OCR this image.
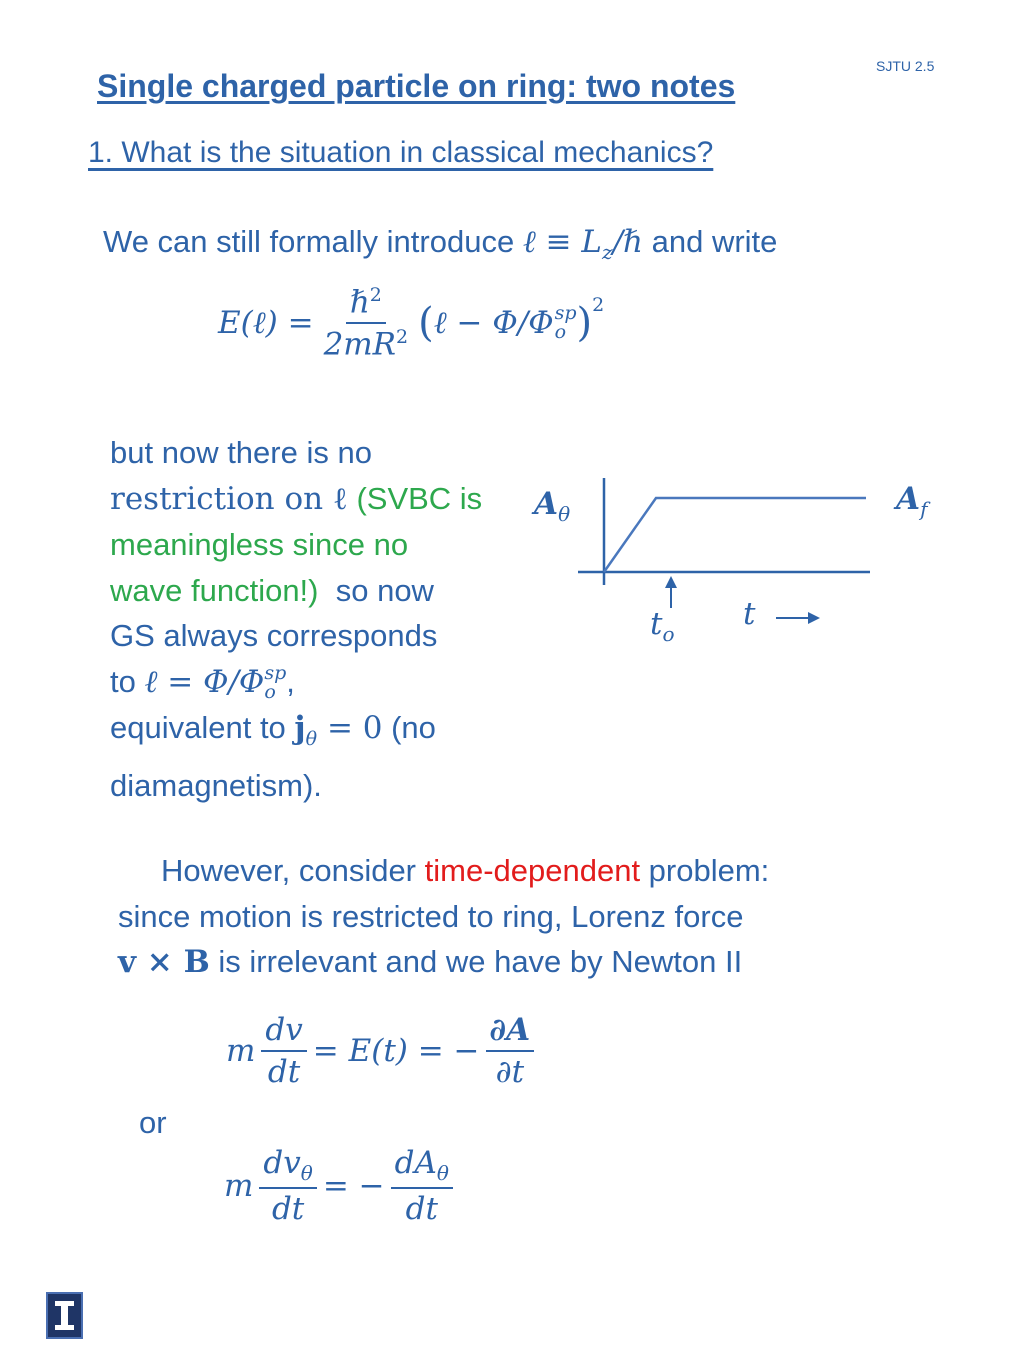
SJTU 2.5
Single charged particle on ring: two notes
1. What is the situation in classical mechanics?
We can still formally introduce ℓ ≡ $L_z/\hbar$ and write
E(ℓ) = $\frac{\hbar^2}{2mR^2}$ ( ℓ − Φ/Φ sp
o )$^2$
but now there is no
restriction on ℓ (SVBC is
meaningless since no
wave function!)  so now
GS always corresponds
to ℓ = Φ/Φ sp
o ,
equivalent to $j_\theta = 0$ (no
diamagnetism).
$A_\theta$	$A_f$
$t_o$
t
However, consider time-dependent problem:
since motion is restricted to ring, Lorenz force
v × B is irrelevant and we have by Newton II
m $\frac{dv}{dt} = E(t)$ = − $\frac{\partial A}{\partial t}$
or
m $\frac{dv_\theta}{dt}$ = − $\frac{dA_\theta}{dt}$
